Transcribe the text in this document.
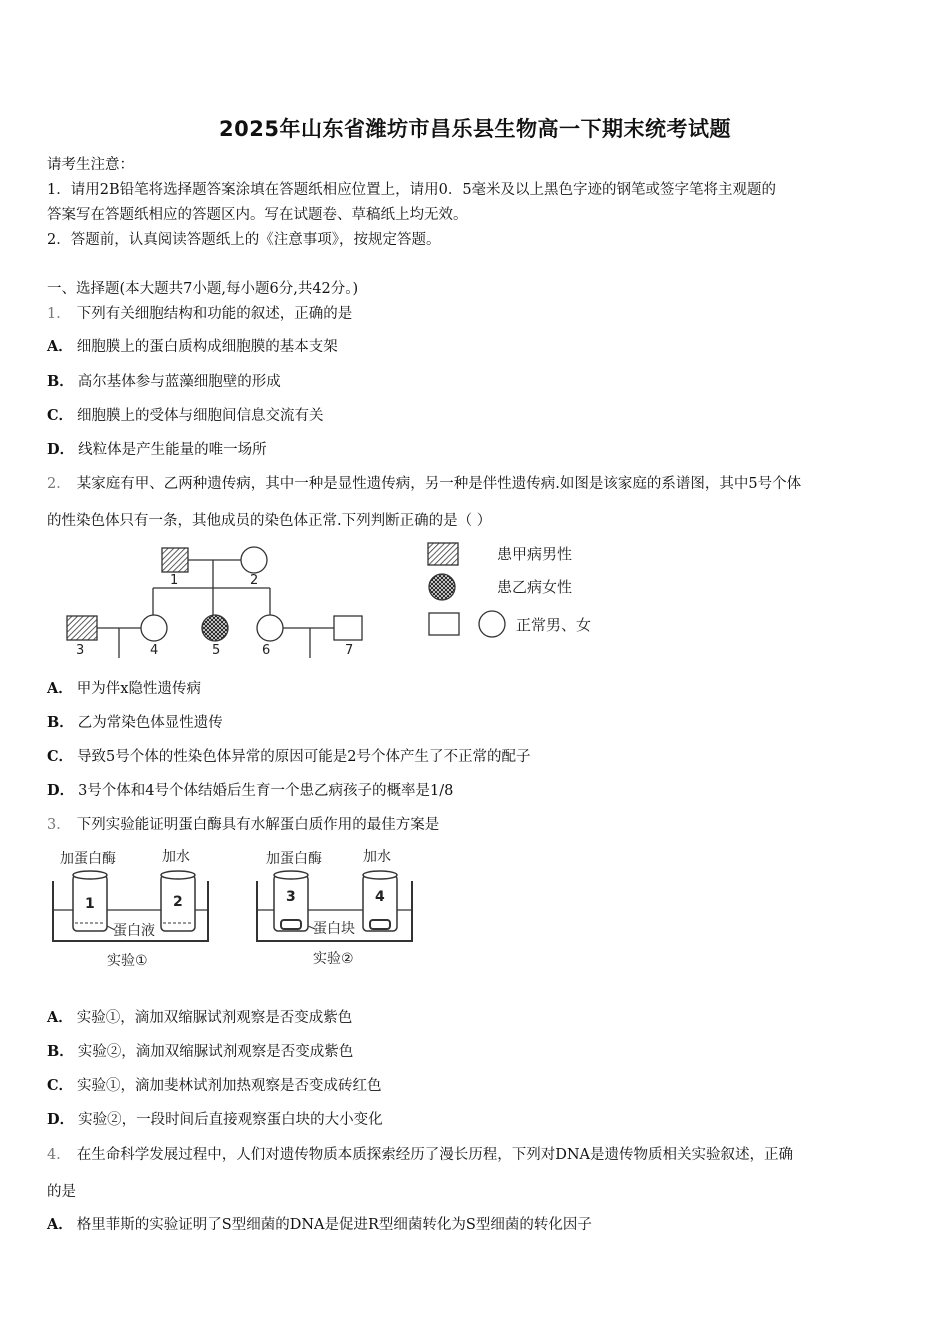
2025年山东省潍坊市昌乐县生物高一下期末统考试题
请考生注意：
1．请用2B铅笔将选择题答案涂填在答题纸相应位置上，请用0．5毫米及以上黑色字迹的钢笔或签字笔将主观题的
答案写在答题纸相应的答题区内。写在试题卷、草稿纸上均无效。
2．答题前，认真阅读答题纸上的《注意事项》，按规定答题。
一、选择题(本大题共7小题,每小题6分,共42分。)
1． 下列有关细胞结构和功能的叙述，正确的是
A． 细胞膜上的蛋白质构成细胞膜的基本支架
B． 高尔基体参与蓝藻细胞壁的形成
C． 细胞膜上的受体与细胞间信息交流有关
D． 线粒体是产生能量的唯一场所
2． 某家庭有甲、乙两种遗传病，其中一种是显性遗传病，另一种是伴性遗传病.如图是该家庭的系谱图，其中5号个体
的性染色体只有一条，其他成员的染色体正常.下列判断正确的是（ ）
1	2
3	4	5	6	7
患甲病男性
患乙病女性
正常男、女
A． 甲为伴x隐性遗传病
B． 乙为常染色体显性遗传
C． 导致5号个体的性染色体异常的原因可能是2号个体产生了不正常的配子
D． 3号个体和4号个体结婚后生育一个患乙病孩子的概率是1/8
3． 下列实验能证明蛋白酶具有水解蛋白质作用的最佳方案是
加蛋白酶	加水	加蛋白酶	加水
1	2	3	4
蛋白液	蛋白块
实验①	实验②
A． 实验①，滴加双缩脲试剂观察是否变成紫色
B． 实验②，滴加双缩脲试剂观察是否变成紫色
C． 实验①，滴加斐林试剂加热观察是否变成砖红色
D． 实验②，一段时间后直接观察蛋白块的大小变化
4． 在生命科学发展过程中，人们对遗传物质本质探索经历了漫长历程，下列对DNA是遗传物质相关实验叙述，正确
的是
A． 格里菲斯的实验证明了S型细菌的DNA是促进R型细菌转化为S型细菌的转化因子
